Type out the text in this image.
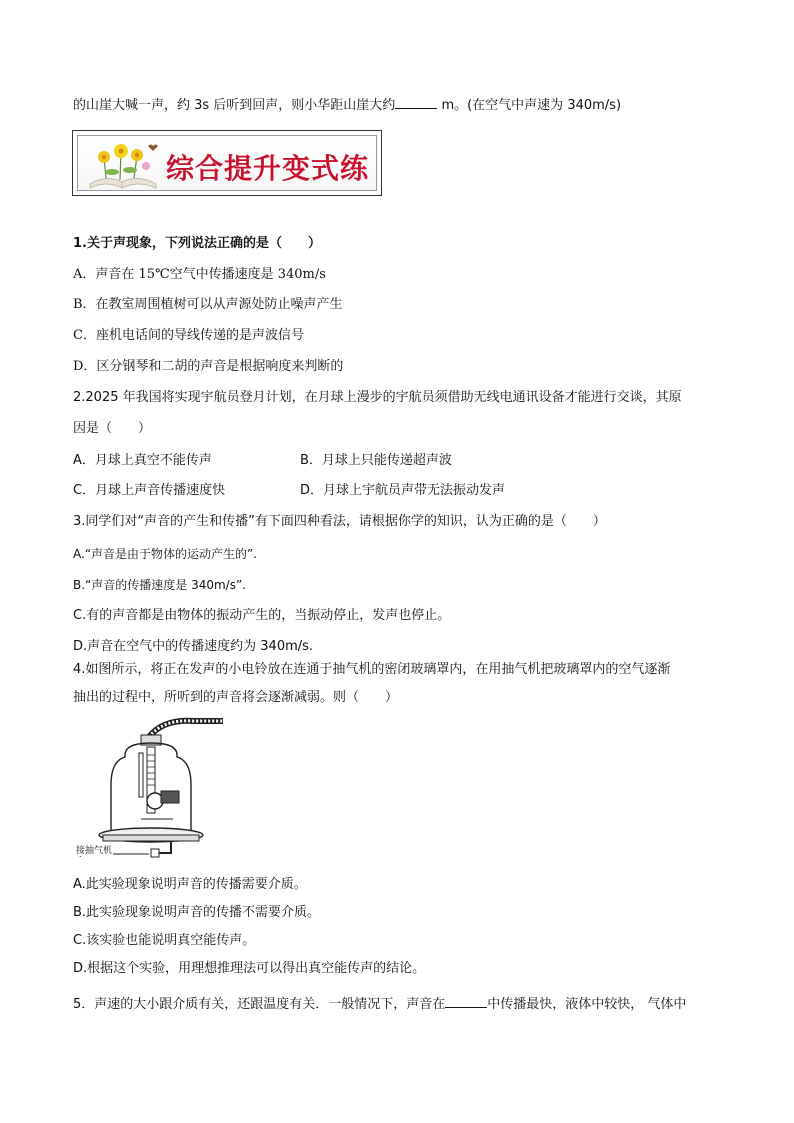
的山崖大喊一声，约 3s 后听到回声，则小华距山崖大约	m。(在空气中声速为 340m/s)
综合提升变式练
1.关于声现象，下列说法正确的是（　　）
A．声音在 15℃空气中传播速度是 340m/s
B．在教室周围植树可以从声源处防止噪声产生
C．座机电话间的导线传递的是声波信号
D．区分钢琴和二胡的声音是根据响度来判断的
2.2025 年我国将实现宇航员登月计划，在月球上漫步的宇航员须借助无线电通讯设备才能进行交谈，其原
因是（　　）
A．月球上真空不能传声	B．月球上只能传递超声波
C．月球上声音传播速度快	D．月球上宇航员声带无法振动发声
3.同学们对“声音的产生和传播”有下面四种看法，请根据你学的知识，认为正确的是（　　）
A.“声音是由于物体的运动产生的”.
B.“声音的传播速度是 340m/s”.
C.有的声音都是由物体的振动产生的，当振动停止，发声也停止。
D.声音在空气中的传播速度约为 340m/s.
4.如图所示，将正在发声的小电铃放在连通于抽气机的密闭玻璃罩内，在用抽气机把玻璃罩内的空气逐渐
抽出的过程中，所听到的声音将会逐渐减弱。则（　　）
接抽气机
A.此实验现象说明声音的传播需要介质。
B.此实验现象说明声音的传播不需要介质。
C.该实验也能说明真空能传声。
D.根据这个实验，用理想推理法可以得出真空能传声的结论。
5．声速的大小跟介质有关，还跟温度有关．一般情况下，声音在	中传播最快，液体中较快， 气体中
